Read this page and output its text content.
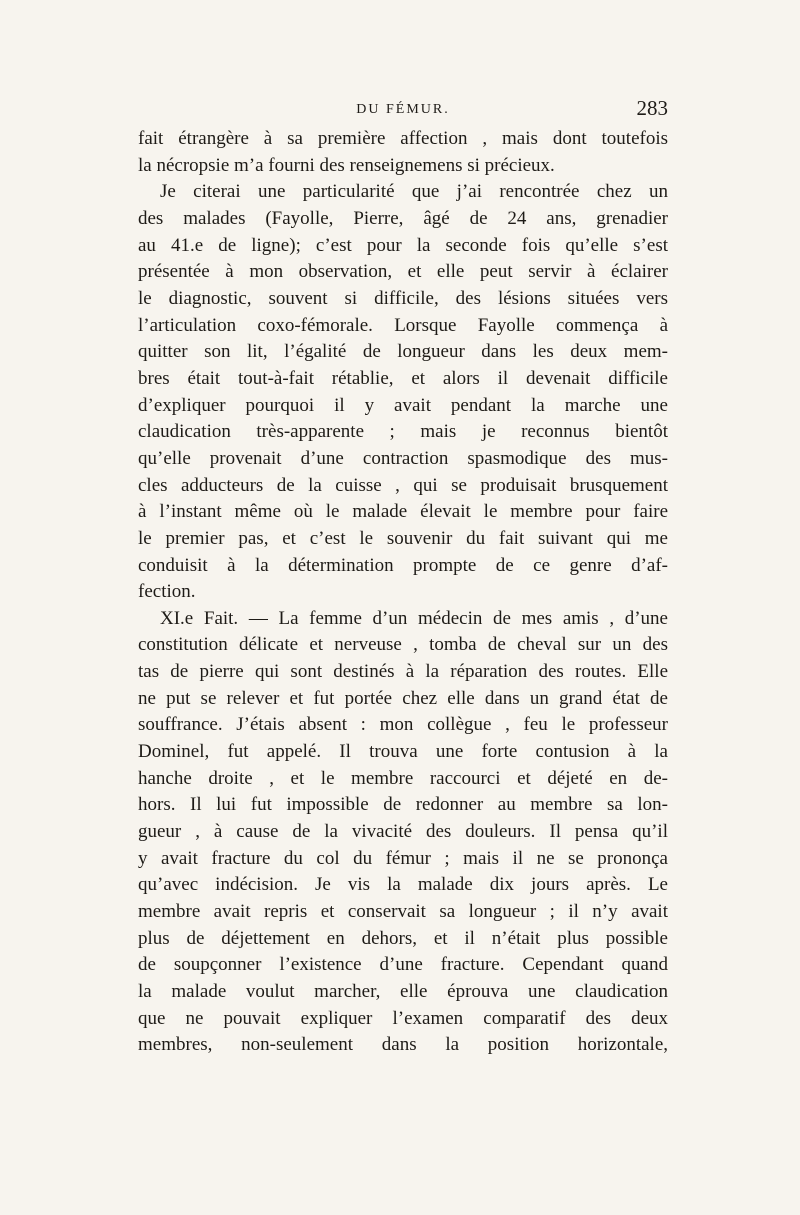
DU FÉMUR.	283
fait étrangère à sa première affection , mais dont toutefois
la nécropsie m’a fourni des renseignemens si précieux.
Je citerai une particularité que j’ai rencontrée chez un
des malades (Fayolle, Pierre, âgé de 24 ans, grenadier
au 41.e de ligne); c’est pour la seconde fois qu’elle s’est
présentée à mon observation, et elle peut servir à éclairer
le diagnostic, souvent si difficile, des lésions situées vers
l’articulation coxo-fémorale. Lorsque Fayolle commença à
quitter son lit, l’égalité de longueur dans les deux mem-
bres était tout-à-fait rétablie, et alors il devenait difficile
d’expliquer pourquoi il y avait pendant la marche une
claudication très-apparente ; mais je reconnus bientôt
qu’elle provenait d’une contraction spasmodique des mus-
cles adducteurs de la cuisse , qui se produisait brusquement
à l’instant même où le malade élevait le membre pour faire
le premier pas, et c’est le souvenir du fait suivant qui me
conduisit à la détermination prompte de ce genre d’af-
fection.
XI.e Fait. — La femme d’un médecin de mes amis , d’une
constitution délicate et nerveuse , tomba de cheval sur un des
tas de pierre qui sont destinés à la réparation des routes. Elle
ne put se relever et fut portée chez elle dans un grand état de
souffrance. J’étais absent : mon collègue , feu le professeur
Dominel, fut appelé. Il trouva une forte contusion à la
hanche droite , et le membre raccourci et déjeté en de-
hors. Il lui fut impossible de redonner au membre sa lon-
gueur , à cause de la vivacité des douleurs. Il pensa qu’il
y avait fracture du col du fémur ; mais il ne se prononça
qu’avec indécision. Je vis la malade dix jours après. Le
membre avait repris et conservait sa longueur ; il n’y avait
plus de déjettement en dehors, et il n’était plus possible
de soupçonner l’existence d’une fracture. Cependant quand
la malade voulut marcher, elle éprouva une claudication
que ne pouvait expliquer l’examen comparatif des deux
membres, non-seulement dans la position horizontale,
